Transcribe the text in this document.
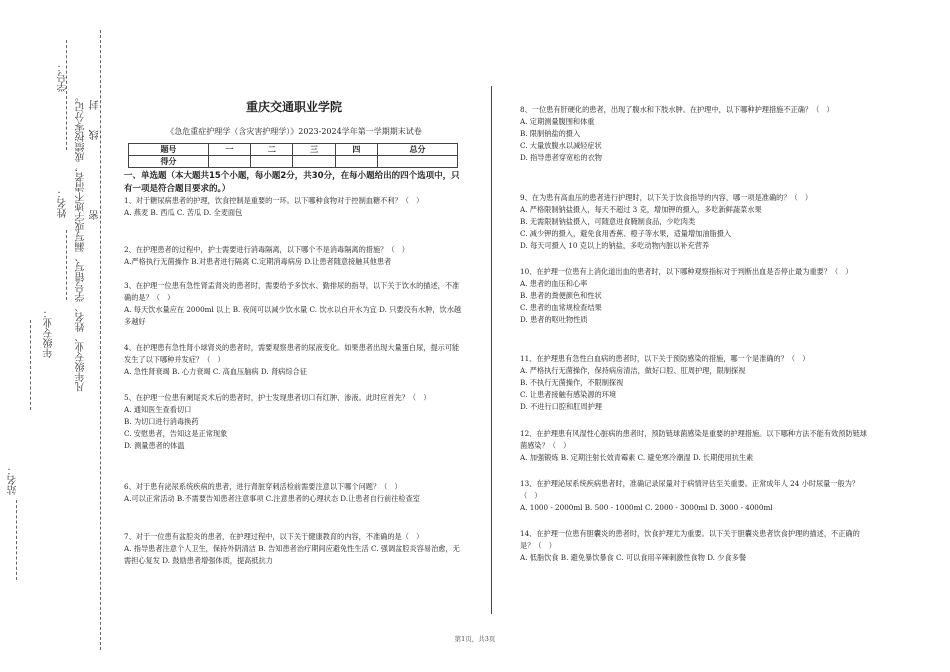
学号：
姓名： 凡年级专业、姓名、学号错写、漏写或字迹不清者，成绩按零分记。 密
封
线
年级专业：
站名：
重庆交通职业学院
《急危重症护理学（含灾害护理学）》2023-2024学年第一学期期末试卷
题号	一	二	三	四	总分
得分					
一、单选题（本大题共15个小题，每小题2分，共30分，在每小题给出的四个选项中，只有一项是符合题目要求的。）
1、对于糖尿病患者的护理，饮食控制是重要的一环。以下哪种食物对于控制血糖不利？（　）
A. 燕麦 B. 西瓜 C. 苦瓜 D. 全麦面包
2、在护理患者的过程中，护士需要进行消毒隔离，以下哪个不是消毒隔离的措施？（　）
A.严格执行无菌操作 B.对患者进行隔离 C.定期消毒病房 D.让患者随意接触其他患者
3、在护理一位患有急性肾盂肾炎的患者时，需要给予多饮水、勤排尿的指导，以下关于饮水的描述，不准确的是？（　）
A. 每天饮水量应在 2000ml 以上 B. 夜间可以减少饮水量 C. 饮水以白开水为宜 D. 只要没有水肿，饮水越多越好
4、在护理患有急性肾小球肾炎的患者时，需要观察患者的尿液变化。如果患者出现大量蛋白尿，提示可能发生了以下哪种并发症？（　）
A. 急性肾衰竭 B. 心力衰竭 C. 高血压脑病 D. 肾病综合征
5、在护理一位患有阑尾炎术后的患者时，护士发现患者切口有红肿、渗液。此时应首先？（　）
A. 通知医生查看切口
B. 为切口进行消毒换药
C. 安慰患者，告知这是正常现象
D. 测量患者的体温
6、对于患有泌尿系统疾病的患者，进行肾脏穿刺活检前需要注意以下哪个问题？（　）
A.可以正常活动 B.不需要告知患者注意事项 C.注意患者的心理状态 D.让患者自行前往检查室
7、对于一位患有盆腔炎的患者，在护理过程中，以下关于健康教育的内容，不准确的是（　）
A. 指导患者注意个人卫生，保持外阴清洁 B. 告知患者治疗期间应避免性生活 C. 强调盆腔炎容易治愈，无需担心复发 D. 鼓励患者增强体质，提高抵抗力
8、一位患有肝硬化的患者，出现了腹水和下肢水肿。在护理中，以下哪种护理措施不正确？（　）
A. 定期测量腹围和体重
B. 限制钠盐的摄入
C. 大量放腹水以减轻症状
D. 指导患者穿宽松的衣物
9、在为患有高血压的患者进行护理时，以下关于饮食指导的内容，哪一项是准确的？（　）
A. 严格限制钠盐摄入，每天不超过 3 克，增加钾的摄入，多吃新鲜蔬菜水果
B. 无需限制钠盐摄入，可随意进食腌制食品，少吃肉类
C. 减少钾的摄入，避免食用香蕉、橙子等水果，适量增加油脂摄入
D. 每天可摄入 10 克以上的钠盐，多吃动物内脏以补充营养
10、在护理一位患有上消化道出血的患者时，以下哪种观察指标对于判断出血是否停止最为重要？（　）
A. 患者的血压和心率
B. 患者的粪便颜色和性状
C. 患者的血常规检查结果
D. 患者的呕吐物性质
11、在护理患有急性白血病的患者时，以下关于预防感染的措施，哪一个是准确的？（　）
A. 严格执行无菌操作，保持病房清洁，做好口腔、肛周护理，限制探视
B. 不执行无菌操作，不限制探视
C. 让患者接触有感染源的环境
D. 不进行口腔和肛周护理
12、在护理患有风湿性心脏病的患者时，预防链球菌感染是重要的护理措施。以下哪种方法不能有效预防链球菌感染？（　）
A. 加强锻炼 B. 定期注射长效青霉素 C. 避免寒冷潮湿 D. 长期使用抗生素
13、在护理泌尿系统疾病患者时，准确记录尿量对于病情评估至关重要。正常成年人 24 小时尿量一般为？（　）
A. 1000 - 2000ml B. 500 - 1000ml C. 2000 - 3000ml D. 3000 - 4000ml
14、在护理一位患有胆囊炎的患者时，饮食护理尤为重要。以下关于胆囊炎患者饮食护理的描述，不正确的是？（　）
A. 低脂饮食 B. 避免暴饮暴食 C. 可以食用辛辣刺激性食物 D. 少食多餐
第1页，共3页
